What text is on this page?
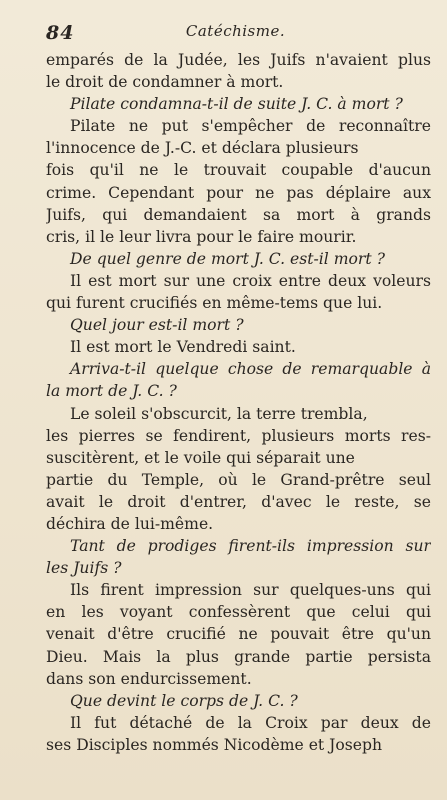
84	Catéchisme.
emparés de la Judée, les Juifs n'avaient plus
le droit de condamner à mort.
Pilate condamna-t-il de suite J. C. à mort ?
Pilate ne put s'empêcher de reconnaître
l'innocence de J.-C. et déclara plusieurs
fois qu'il ne le trouvait coupable d'aucun
crime. Cependant pour ne pas déplaire aux
Juifs, qui demandaient sa mort à grands
cris, il le leur livra pour le faire mourir.
De quel genre de mort J. C. est-il mort ?
Il est mort sur une croix entre deux voleurs
qui furent crucifiés en même-tems que lui.
Quel jour est-il mort ?
Il est mort le Vendredi saint.
Arriva-t-il quelque chose de remarquable à
la mort de J. C. ?
Le soleil s'obscurcit, la terre trembla,
les pierres se fendirent, plusieurs morts res-
suscitèrent, et le voile qui séparait une
partie du Temple, où le Grand-prêtre seul
avait le droit d'entrer, d'avec le reste, se
déchira de lui-même.
Tant de prodiges firent-ils impression sur
les Juifs ?
Ils firent impression sur quelques-uns qui
en les voyant confessèrent que celui qui
venait d'être crucifié ne pouvait être qu'un
Dieu. Mais la plus grande partie persista
dans son endurcissement.
Que devint le corps de J. C. ?
Il fut détaché de la Croix par deux de
ses Disciples nommés Nicodème et Joseph
